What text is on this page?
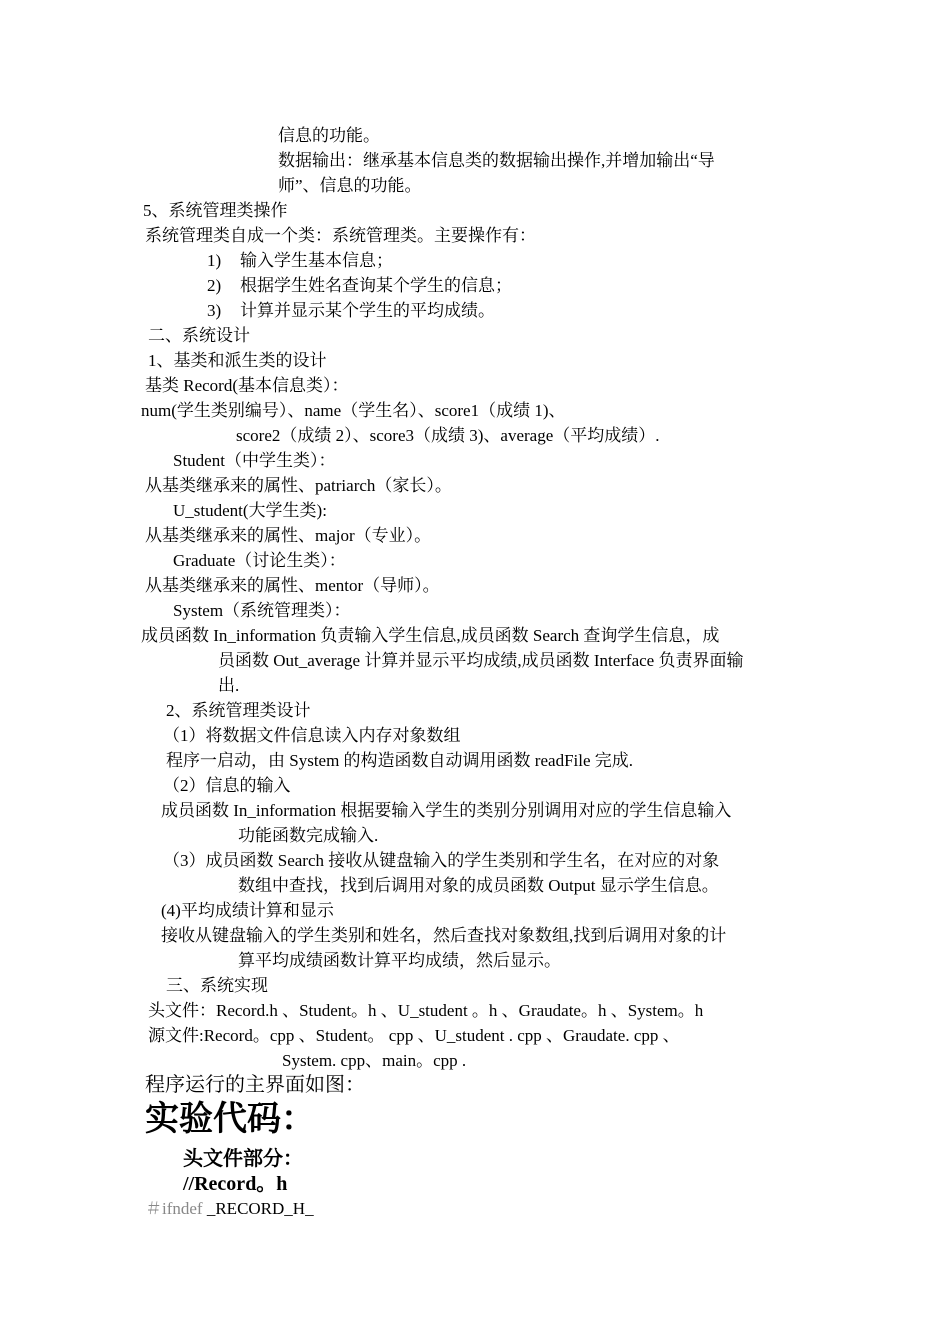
信息的功能。
数据输出：继承基本信息类的数据输出操作,并增加输出“导
师”、信息的功能。
5、系统管理类操作
系统管理类自成一个类：系统管理类。主要操作有：
1) 输入学生基本信息；
2) 根据学生姓名查询某个学生的信息；
3) 计算并显示某个学生的平均成绩。
二、系统设计
1、基类和派生类的设计
基类 Record(基本信息类）：
num(学生类别编号）、name（学生名）、score1（成绩 1)、
score2（成绩 2）、score3（成绩 3)、average（平均成绩）.
Student（中学生类）：
从基类继承来的属性、patriarch（家长）。
U_student(大学生类):
从基类继承来的属性、major（专业）。
Graduate（讨论生类）：
从基类继承来的属性、mentor（导师）。
System（系统管理类）：
成员函数 In_information 负责输入学生信息,成员函数 Search 查询学生信息，成
员函数 Out_average 计算并显示平均成绩,成员函数 Interface 负责界面输
出.
2、系统管理类设计
（1）将数据文件信息读入内存对象数组
程序一启动，由 System 的构造函数自动调用函数 readFile 完成.
（2）信息的输入
成员函数 In_information 根据要输入学生的类别分别调用对应的学生信息输入
功能函数完成输入.
（3）成员函数 Search 接收从键盘输入的学生类别和学生名，在对应的对象
数组中查找，找到后调用对象的成员函数 Output 显示学生信息。
(4)平均成绩计算和显示
接收从键盘输入的学生类别和姓名，然后查找对象数组,找到后调用对象的计
算平均成绩函数计算平均成绩，然后显示。
三、系统实现
头文件：Record.h 、Student。h 、U_student 。h 、Graudate。h 、System。h
源文件:Record。cpp 、Student。 cpp 、U_student . cpp 、Graudate. cpp 、
System. cpp、main。cpp .
程序运行的主界面如图：
实验代码：
头文件部分：
//Record。h
＃ifndef _RECORD_H_
